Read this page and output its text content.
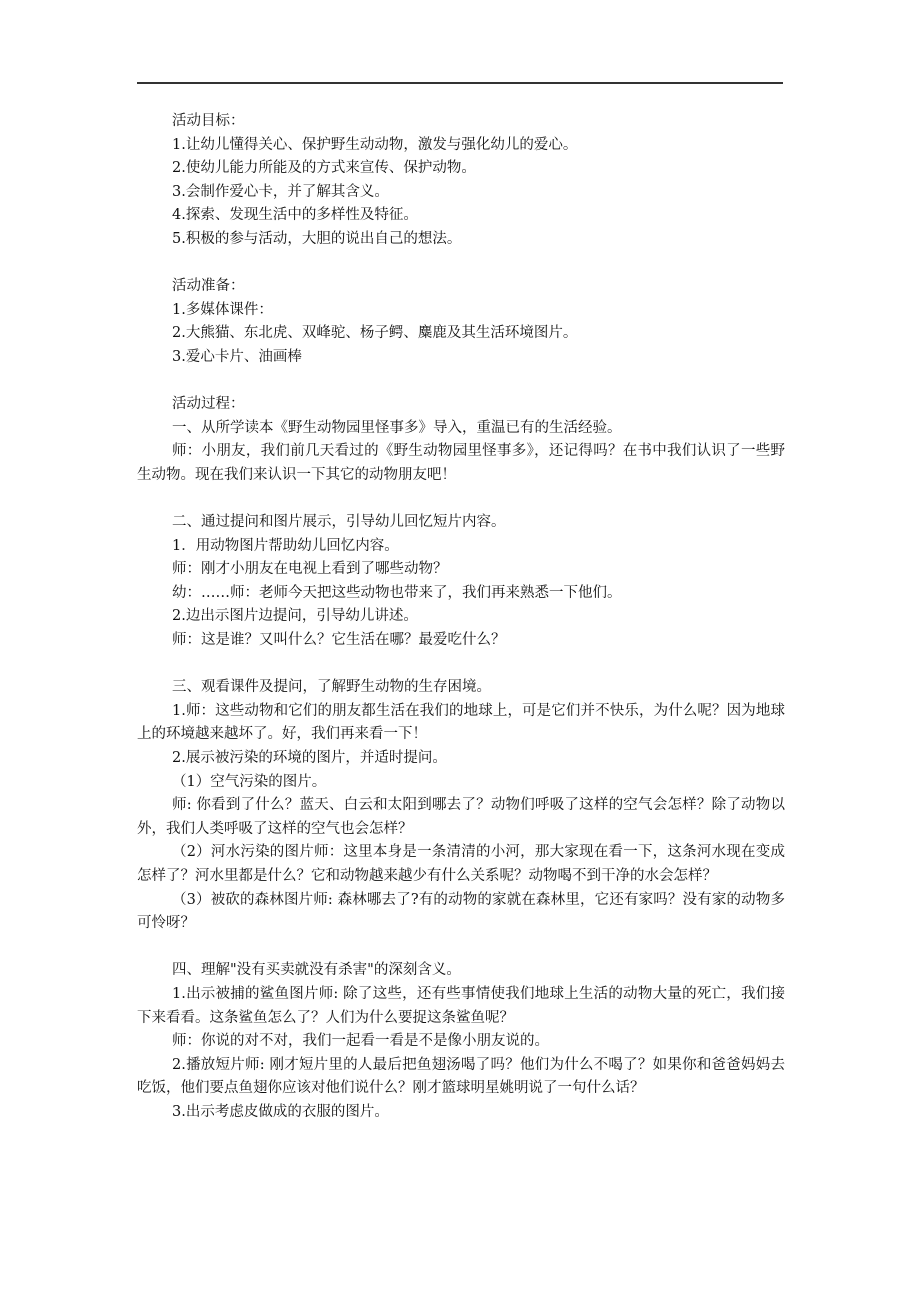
活动目标：

1.让幼儿懂得关心、保护野生动动物，激发与强化幼儿的爱心。

2.使幼儿能力所能及的方式来宣传、保护动物。

3.会制作爱心卡，并了解其含义。

4.探索、发现生活中的多样性及特征。

5.积极的参与活动，大胆的说出自己的想法。

活动准备：

1.多媒体课件：

2.大熊猫、东北虎、双峰驼、杨子鳄、麋鹿及其生活环境图片。

3.爱心卡片、油画棒

活动过程：

一、从所学读本《野生动物园里怪事多》导入，重温已有的生活经验。

师：小朋友，我们前几天看过的《野生动物园里怪事多》，还记得吗？在书中我们认识了一些野生动物。现在我们来认识一下其它的动物朋友吧！

二、通过提问和图片展示，引导幼儿回忆短片内容。

1．用动物图片帮助幼儿回忆内容。

师：刚才小朋友在电视上看到了哪些动物？

幼：……师：老师今天把这些动物也带来了，我们再来熟悉一下他们。

2.边出示图片边提问，引导幼儿讲述。

师：这是谁？又叫什么？它生活在哪？最爱吃什么？

三、观看课件及提问，了解野生动物的生存困境。

1.师：这些动物和它们的朋友都生活在我们的地球上，可是它们并不快乐，为什么呢？因为地球上的环境越来越坏了。好，我们再来看一下！

2.展示被污染的环境的图片，并适时提问。

（1）空气污染的图片。

师: 你看到了什么？蓝天、白云和太阳到哪去了？动物们呼吸了这样的空气会怎样？除了动物以外，我们人类呼吸了这样的空气也会怎样？

（2）河水污染的图片师：这里本身是一条清清的小河，那大家现在看一下，这条河水现在变成怎样了？河水里都是什么？它和动物越来越少有什么关系呢？动物喝不到干净的水会怎样？

（3）被砍的森林图片师: 森林哪去了?有的动物的家就在森林里，它还有家吗？没有家的动物多可怜呀？

四、理解"没有买卖就没有杀害"的深刻含义。

1.出示被捕的鲨鱼图片师: 除了这些，还有些事情使我们地球上生活的动物大量的死亡，我们接下来看看。这条鲨鱼怎么了？人们为什么要捉这条鲨鱼呢？

师：你说的对不对，我们一起看一看是不是像小朋友说的。

2.播放短片师: 刚才短片里的人最后把鱼翅汤喝了吗？他们为什么不喝了？如果你和爸爸妈妈去吃饭，他们要点鱼翅你应该对他们说什么？刚才篮球明星姚明说了一句什么话？

3.出示考虑皮做成的衣服的图片。
